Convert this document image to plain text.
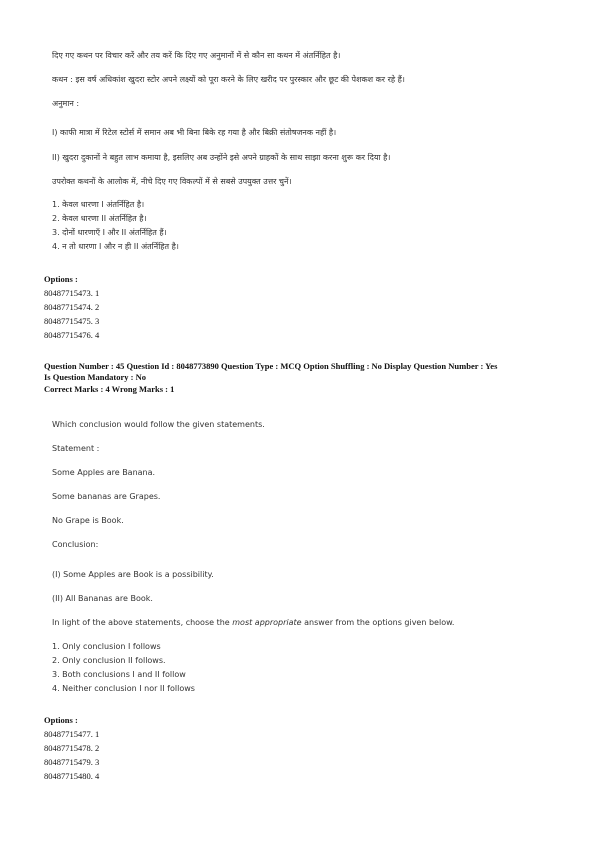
दिए गए कथन पर विचार करें और तय करें कि दिए गए अनुमानों में से कौन सा कथन में अंतर्निहित है।
कथन : इस वर्ष अधिकांश खुदरा स्टोर अपने लक्ष्यों को पूरा करने के लिए खरीद पर पुरस्कार और छूट की पेशकश कर रहे हैं।
अनुमान :
I) काफी मात्रा में रिटेल स्टोर्स में समान अब भी बिना बिके रह गया है और बिक्री संतोषजनक नहीं है।
II) खुदरा दुकानों ने बहुत लाभ कमाया है, इसलिए अब उन्होंने इसे अपने ग्राहकों के साथ साझा करना शुरू कर दिया है।
उपरोक्त कथनों के आलोक में, नीचे दिए गए विकल्पों में से सबसे उपयुक्त उत्तर चुनें।
1. केवल धारणा I अंतर्निहित है।
2. केवल धारणा II अंतर्निहित है।
3. दोनों धारणाएँ I और II अंतर्निहित हैं।
4. न तो धारणा I और न ही II अंतर्निहित है।
Options :
80487715473. 1
80487715474. 2
80487715475. 3
80487715476. 4
Question Number : 45 Question Id : 8048773890 Question Type : MCQ Option Shuffling : No Display Question Number : Yes
Is Question Mandatory : No
Correct Marks : 4 Wrong Marks : 1
Which conclusion would follow the given statements.
Statement :
Some Apples are Banana.
Some bananas are Grapes.
No Grape is Book.
Conclusion:
(I) Some Apples are Book is a possibility.
(II) All Bananas are Book.
In light of the above statements, choose the most appropriate answer from the options given below.
1. Only conclusion I follows
2. Only conclusion II follows.
3. Both conclusions I and II follow
4. Neither conclusion I nor II follows
Options :
80487715477. 1
80487715478. 2
80487715479. 3
80487715480. 4
